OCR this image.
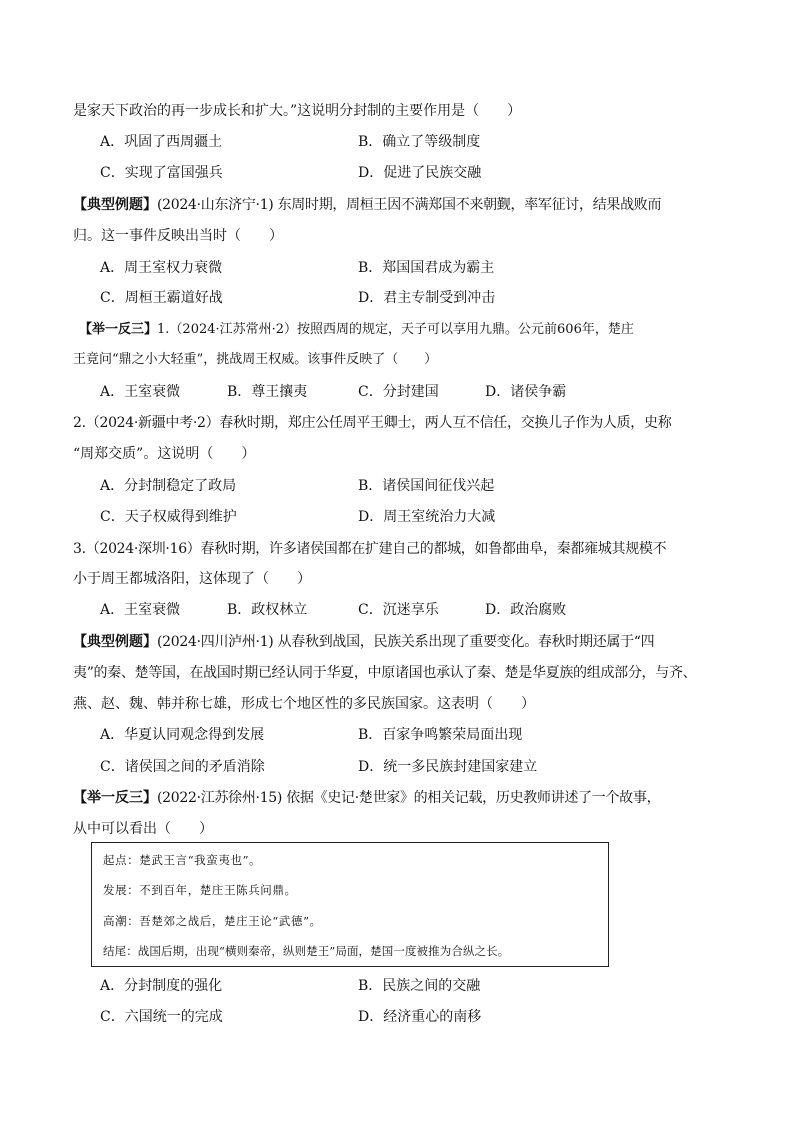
是家天下政治的再一步成长和扩大。”这说明分封制的主要作用是（　　）
A．巩固了西周疆土	B．确立了等级制度
C．实现了富国强兵	D．促进了民族交融
【典型例题】(2024·山东济宁·1) 东周时期，周桓王因不满郑国不来朝觐，率军征讨，结果战败而
归。这一事件反映出当时（　　）
A．周王室权力衰微	B．郑国国君成为霸主
C．周桓王霸道好战	D．君主专制受到冲击
【举一反三】1.（2024·江苏常州·2）按照西周的规定，天子可以享用九鼎。公元前606年，楚庄
王竟问“鼎之小大轻重”，挑战周王权威。该事件反映了（　　）
A．王室衰微	B．尊王攘夷	C．分封建国	D．诸侯争霸
2.（2024·新疆中考·2）春秋时期，郑庄公任周平王卿士，两人互不信任，交换儿子作为人质，史称
“周郑交质”。这说明（　　）
A．分封制稳定了政局	B．诸侯国间征伐兴起
C．天子权威得到维护	D．周王室统治力大减
3.（2024·深圳·16）春秋时期，许多诸侯国都在扩建自己的都城，如鲁都曲阜，秦都雍城其规模不
小于周王都城洛阳，这体现了（　　）
A．王室衰微	B．政权林立	C．沉迷享乐	D．政治腐败
【典型例题】(2024·四川泸州·1) 从春秋到战国，民族关系出现了重要变化。春秋时期还属于“四
夷”的秦、楚等国，在战国时期已经认同于华夏，中原诸国也承认了秦、楚是华夏族的组成部分，与齐、
燕、赵、魏、韩并称七雄，形成七个地区性的多民族国家。这表明（　　）
A．华夏认同观念得到发展	B．百家争鸣繁荣局面出现
C．诸侯国之间的矛盾消除	D．统一多民族封建国家建立
【举一反三】(2022·江苏徐州·15) 依据《史记·楚世家》的相关记载，历史教师讲述了一个故事，
从中可以看出（　　）
起点：楚武王言“我蛮夷也”。
发展：不到百年，楚庄王陈兵问鼎。
高潮：吾楚郊之战后，楚庄王论“武德”。
结尾：战国后期，出现“横则秦帝，纵则楚王”局面，楚国一度被推为合纵之长。
A．分封制度的强化	B．民族之间的交融
C．六国统一的完成	D．经济重心的南移
